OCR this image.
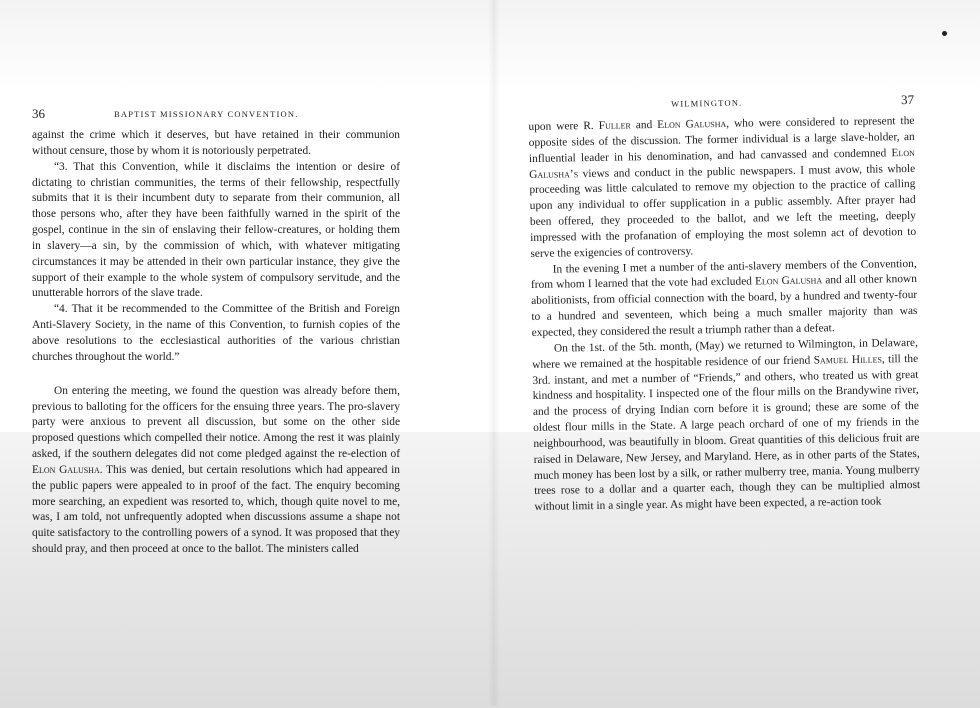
36	BAPTIST MISSIONARY CONVENTION.

against the crime which it deserves, but have retained in their communion without censure, those by whom it is notoriously perpetrated.

“3. That this Convention, while it disclaims the intention or desire of dictating to christian communities, the terms of their fellowship, respectfully submits that it is their incumbent duty to separate from their communion, all those persons who, after they have been faithfully warned in the spirit of the gospel, continue in the sin of enslaving their fellow-creatures, or holding them in slavery—a sin, by the commission of which, with whatever mitigating circumstances it may be attended in their own particular instance, they give the support of their example to the whole system of compulsory servitude, and the unutterable horrors of the slave trade.

“4. That it be recommended to the Committee of the British and Foreign Anti-Slavery Society, in the name of this Convention, to furnish copies of the above resolutions to the ecclesiastical authorities of the various christian churches throughout the world.”

On entering the meeting, we found the question was already before them, previous to balloting for the officers for the ensuing three years. The pro-slavery party were anxious to prevent all discussion, but some on the other side proposed questions which compelled their notice. Among the rest it was plainly asked, if the southern delegates did not come pledged against the re-election of Elon Galusha. This was denied, but certain resolutions which had appeared in the public papers were appealed to in proof of the fact. The enquiry becoming more searching, an expedient was resorted to, which, though quite novel to me, was, I am told, not unfrequently adopted when discussions assume a shape not quite satisfactory to the controlling powers of a synod. It was proposed that they should pray, and then proceed at once to the ballot. The ministers called

WILMINGTON.	37

upon were R. Fuller and Elon Galusha, who were considered to represent the opposite sides of the discussion. The former individual is a large slave-holder, an influential leader in his denomination, and had canvassed and condemned Elon Galusha’s views and conduct in the public newspapers. I must avow, this whole proceeding was little calculated to remove my objection to the practice of calling upon any individual to offer supplication in a public assembly. After prayer had been offered, they proceeded to the ballot, and we left the meeting, deeply impressed with the profanation of employing the most solemn act of devotion to serve the exigencies of controversy.

In the evening I met a number of the anti-slavery members of the Convention, from whom I learned that the vote had excluded Elon Galusha and all other known abolitionists, from official connection with the board, by a hundred and twenty-four to a hundred and seventeen, which being a much smaller majority than was expected, they considered the result a triumph rather than a defeat.

On the 1st. of the 5th. month, (May) we returned to Wilmington, in Delaware, where we remained at the hospitable residence of our friend Samuel Hilles, till the 3rd. instant, and met a number of “Friends,” and others, who treated us with great kindness and hospitality. I inspected one of the flour mills on the Brandywine river, and the process of drying Indian corn before it is ground; these are some of the oldest flour mills in the State. A large peach orchard of one of my friends in the neighbourhood, was beautifully in bloom. Great quantities of this delicious fruit are raised in Delaware, New Jersey, and Maryland. Here, as in other parts of the States, much money has been lost by a silk, or rather mulberry tree, mania. Young mulberry trees rose to a dollar and a quarter each, though they can be multiplied almost without limit in a single year. As might have been expected, a re-action took
